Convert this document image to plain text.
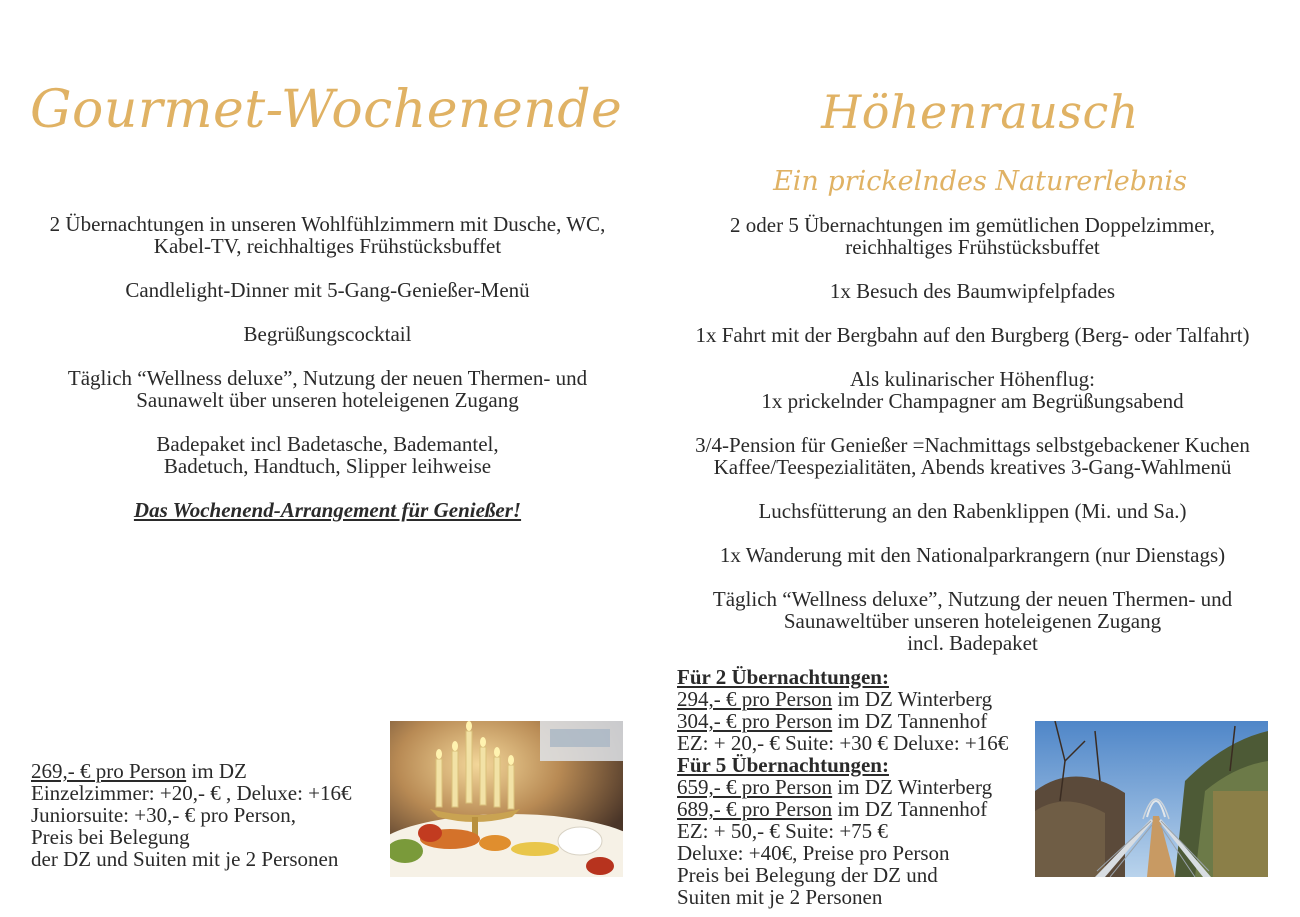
Gourmet-Wochenende

2 Übernachtungen in unseren Wohlfühlzimmern mit Dusche, WC,
Kabel-TV, reichhaltiges Frühstücksbuffet

Candlelight-Dinner mit 5-Gang-Genießer-Menü

Begrüßungscocktail

Täglich “Wellness deluxe”, Nutzung der neuen Thermen- und
Saunawelt über unseren hoteleigenen Zugang

Badepaket incl Badetasche, Bademantel,
Badetuch, Handtuch, Slipper leihweise

Das Wochenend-Arrangement für Genießer!

269,- € pro Person im DZ
Einzelzimmer: +20,- € , Deluxe: +16€
Juniorsuite: +30,- € pro Person,
Preis bei Belegung
der DZ und Suiten mit je 2 Personen
Höhenrausch
Ein prickelndes Naturerlebnis

2 oder 5 Übernachtungen im gemütlichen Doppelzimmer,
reichhaltiges Frühstücksbuffet

1x Besuch des Baumwipfelpfades

1x Fahrt mit der Bergbahn auf den Burgberg (Berg- oder Talfahrt)

Als kulinarischer Höhenflug:
1x prickelnder Champagner am Begrüßungsabend

3/4-Pension für Genießer =Nachmittags selbstgebackener Kuchen
Kaffee/Teespezialitäten, Abends kreatives 3-Gang-Wahlmenü

Luchsfütterung an den Rabenklippen (Mi. und Sa.)

1x Wanderung mit den Nationalparkrangern (nur Dienstags)

Täglich “Wellness deluxe”, Nutzung der neuen Thermen- und
Saunaweltüber unseren hoteleigenen Zugang
incl. Badepaket

Für 2 Übernachtungen:
294,- € pro Person im DZ Winterberg
304,- € pro Person im DZ Tannenhof
EZ: + 20,- € Suite: +30 € Deluxe: +16€
Für 5 Übernachtungen:
659,- € pro Person im DZ Winterberg
689,- € pro Person im DZ Tannenhof
EZ: + 50,- € Suite: +75 €
Deluxe: +40€, Preise pro Person
Preis bei Belegung der DZ und
Suiten mit je 2 Personen
